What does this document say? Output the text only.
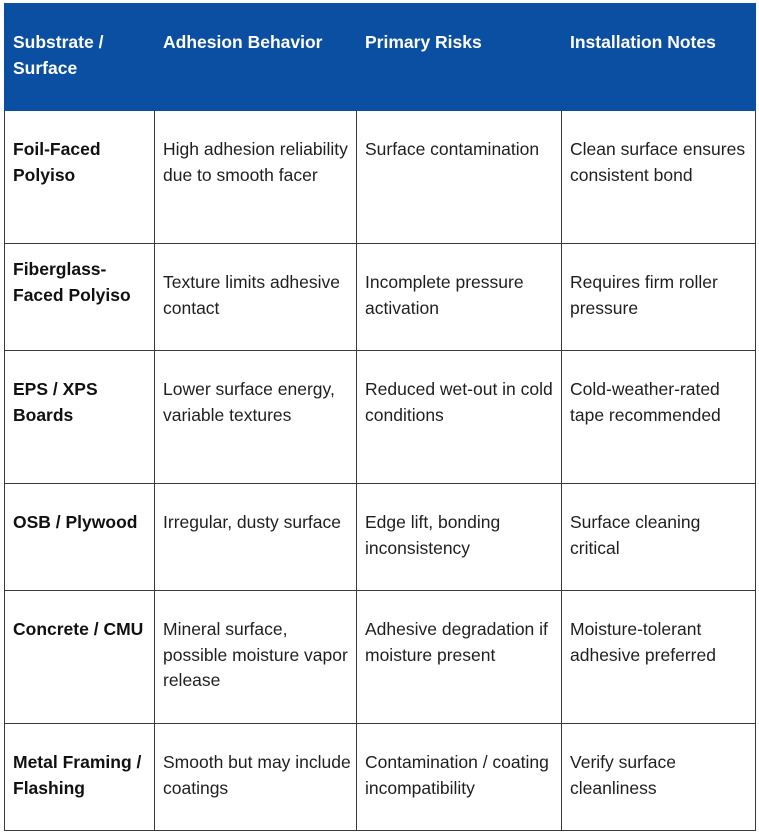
Substrate / Surface	Adhesion Behavior	Primary Risks	Installation Notes
Foil-Faced Polyiso	High adhesion reliability due to smooth facer	Surface contamination	Clean surface ensures consistent bond
Fiberglass-Faced Polyiso	Texture limits adhesive contact	Incomplete pressure activation	Requires firm roller pressure
EPS / XPS Boards	Lower surface energy, variable textures	Reduced wet-out in cold conditions	Cold-weather-rated tape recommended
OSB / Plywood	Irregular, dusty surface	Edge lift, bonding inconsistency	Surface cleaning critical
Concrete / CMU	Mineral surface, possible moisture vapor release	Adhesive degradation if moisture present	Moisture-tolerant adhesive preferred
Metal Framing / Flashing	Smooth but may include coatings	Contamination / coating incompatibility	Verify surface cleanliness
